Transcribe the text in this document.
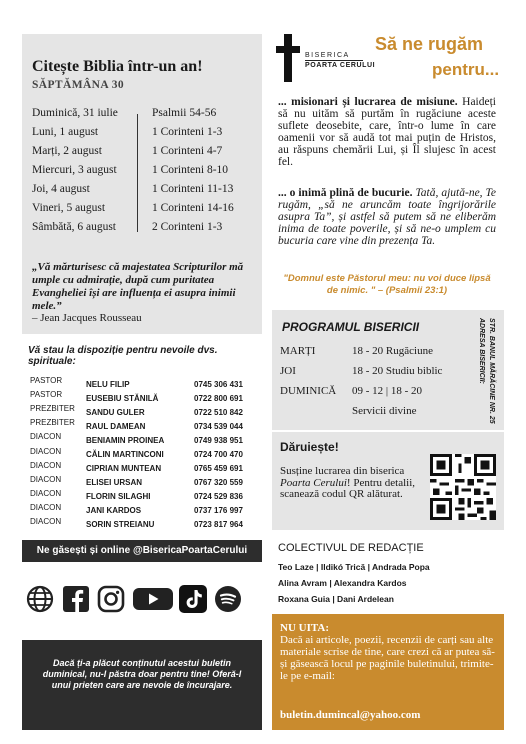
Citește Biblia într-un an!
SĂPTĂMÂNA 30
Duminică, 31 iulie	Psalmii 54-56
Luni, 1 august	1 Corinteni 1-3
Marți, 2 august	1 Corinteni 4-7
Miercuri, 3 august	1 Corinteni 8-10
Joi, 4 august	1 Corinteni 11-13
Vineri, 5 august	1 Corinteni 14-16
Sâmbătă, 6 august	2 Corinteni 1-3
„Vă mărturisesc că majestatea Scripturilor mă umple cu admirație, după cum puritatea Evangheliei își are influența ei asupra inimii mele.”
– Jean Jacques Rousseau
Vă stau la dispoziție pentru nevoile dvs. spirituale:
PASTOR	NELU FILIP	0745 306 431
PASTOR	EUSEBIU STĂNILĂ	0722 800 691
PREZBITER SANDU GULER	0722 510 842
PREZBITER RAUL DAMEAN	0734 539 044
DIACON	BENIAMIN PROINEA	0749 938 951
DIACON	CĂLIN MARTINCONI	0724 700 470
DIACON	CIPRIAN MUNTEAN	0765 459 691
DIACON	ELISEI URSAN	0767 320 559
DIACON	FLORIN SILAGHI	0724 529 836
DIACON	JANI KARDOS	0737 176 997
DIACON	SORIN STREIANU	0723 817 964
Ne găsești și online @BisericaPoartaCerului
Dacă ți-a plăcut conținutul acestui buletin duminical, nu-l păstra doar pentru tine! Oferă-l unui prieten care are nevoie de încurajare.
BISERICA
POARTA CERULUI
Să ne rugăm
pentru...
... misionari și lucrarea de misiune. Haideți să nu uităm să purtăm în rugăciune aceste suflete deosebite, care, într-o lume în care oamenii vor să audă tot mai puțin de Hristos, au răspuns chemării Lui, și Îl slujesc în acest fel.
... o inimă plină de bucurie. Tată, ajută-ne, Te rugăm, „să ne aruncăm toate îngrijorările asupra Ta”, și astfel să putem să ne eliberăm inima de toate poverile, și să ne-o umplem cu bucuria care vine din prezența Ta.
"Domnul este Păstorul meu: nu voi duce lipsă de nimic. " – (Psalmii 23:1)
PROGRAMUL BISERICII
MARȚI	18 - 20 Rugăciune
JOI	18 - 20 Studiu biblic
DUMINICĂ 09 - 12 | 18 - 20
Servicii divine
ADRESA BISERICII: STR. BANUL MĂRĂCINE NR. 25
Dăruiește!
Susține lucrarea din biserica Poarta Cerului! Pentru detalii, scanează codul QR alăturat.
COLECTIVUL DE REDACȚIE
Teo Laze | Ildikó Trică | Andrada Popa
Alina Avram | Alexandra Kardos
Roxana Guia | Dani Ardelean
NU UITA:
Dacă ai articole, poezii, recenzii de carți sau alte materiale scrise de tine, care crezi că ar putea să-și găsească locul pe paginile buletinului, trimite-le pe e-mail:
buletin.dumincal@yahoo.com
